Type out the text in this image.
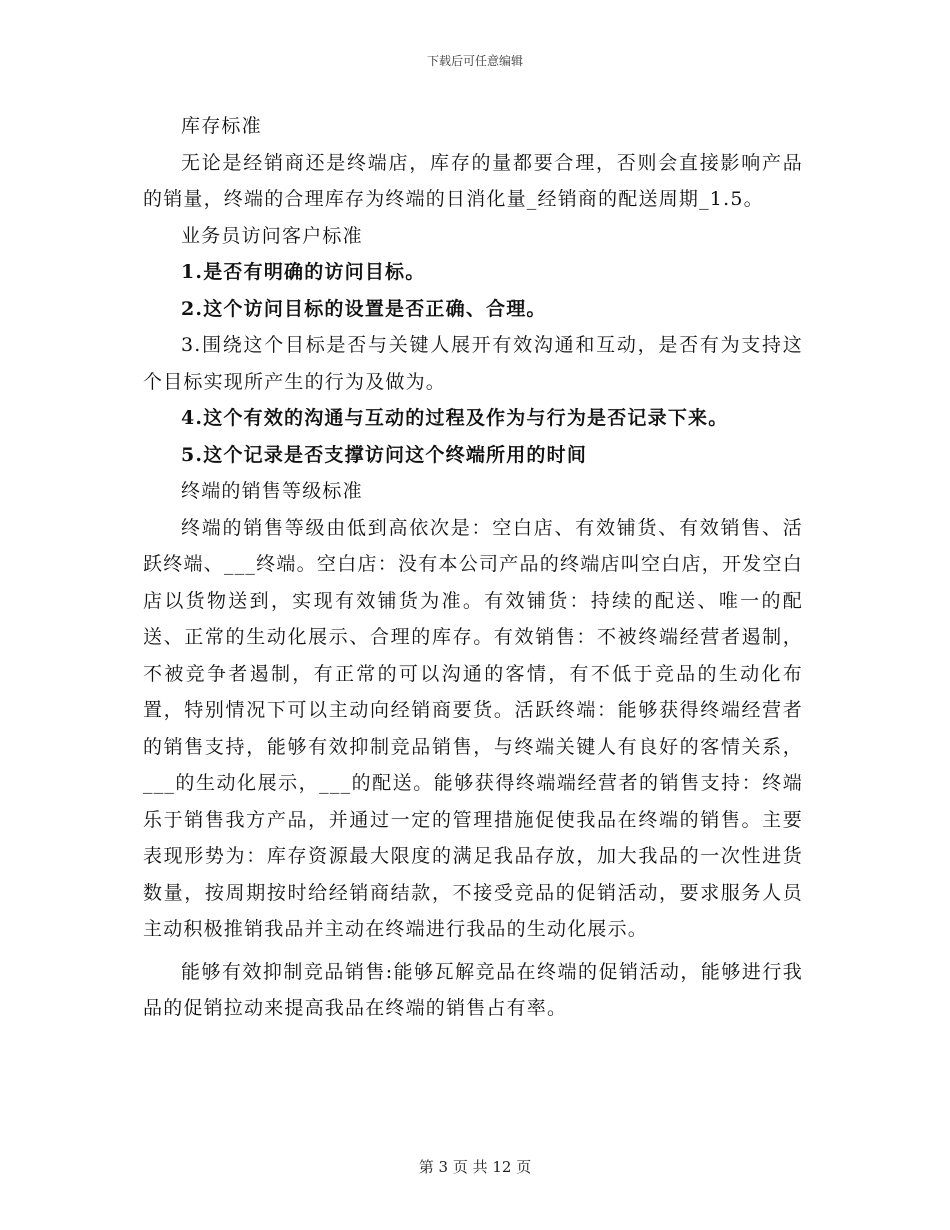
下载后可任意编辑

库存标准

无论是经销商还是终端店，库存的量都要合理，否则会直接影响产品的销量，终端的合理库存为终端的日消化量_经销商的配送周期_1.5。

业务员访问客户标准

1.是否有明确的访问目标。

2.这个访问目标的设置是否正确、合理。

3.围绕这个目标是否与关键人展开有效沟通和互动，是否有为支持这个目标实现所产生的行为及做为。

4.这个有效的沟通与互动的过程及作为与行为是否记录下来。

5.这个记录是否支撑访问这个终端所用的时间

终端的销售等级标准

终端的销售等级由低到高依次是：空白店、有效铺货、有效销售、活跃终端、___终端。空白店：没有本公司产品的终端店叫空白店，开发空白店以货物送到，实现有效铺货为准。有效铺货：持续的配送、唯一的配送、正常的生动化展示、合理的库存。有效销售：不被终端经营者遏制，不被竞争者遏制，有正常的可以沟通的客情，有不低于竞品的生动化布置，特别情况下可以主动向经销商要货。活跃终端：能够获得终端经营者的销售支持，能够有效抑制竞品销售，与终端关键人有良好的客情关系，___的生动化展示，___的配送。能够获得终端端经营者的销售支持：终端乐于销售我方产品，并通过一定的管理措施促使我品在终端的销售。主要表现形势为：库存资源最大限度的满足我品存放，加大我品的一次性进货数量，按周期按时给经销商结款，不接受竞品的促销活动，要求服务人员主动积极推销我品并主动在终端进行我品的生动化展示。

能够有效抑制竞品销售:能够瓦解竞品在终端的促销活动，能够进行我品的促销拉动来提高我品在终端的销售占有率。

第 3 页 共 12 页
